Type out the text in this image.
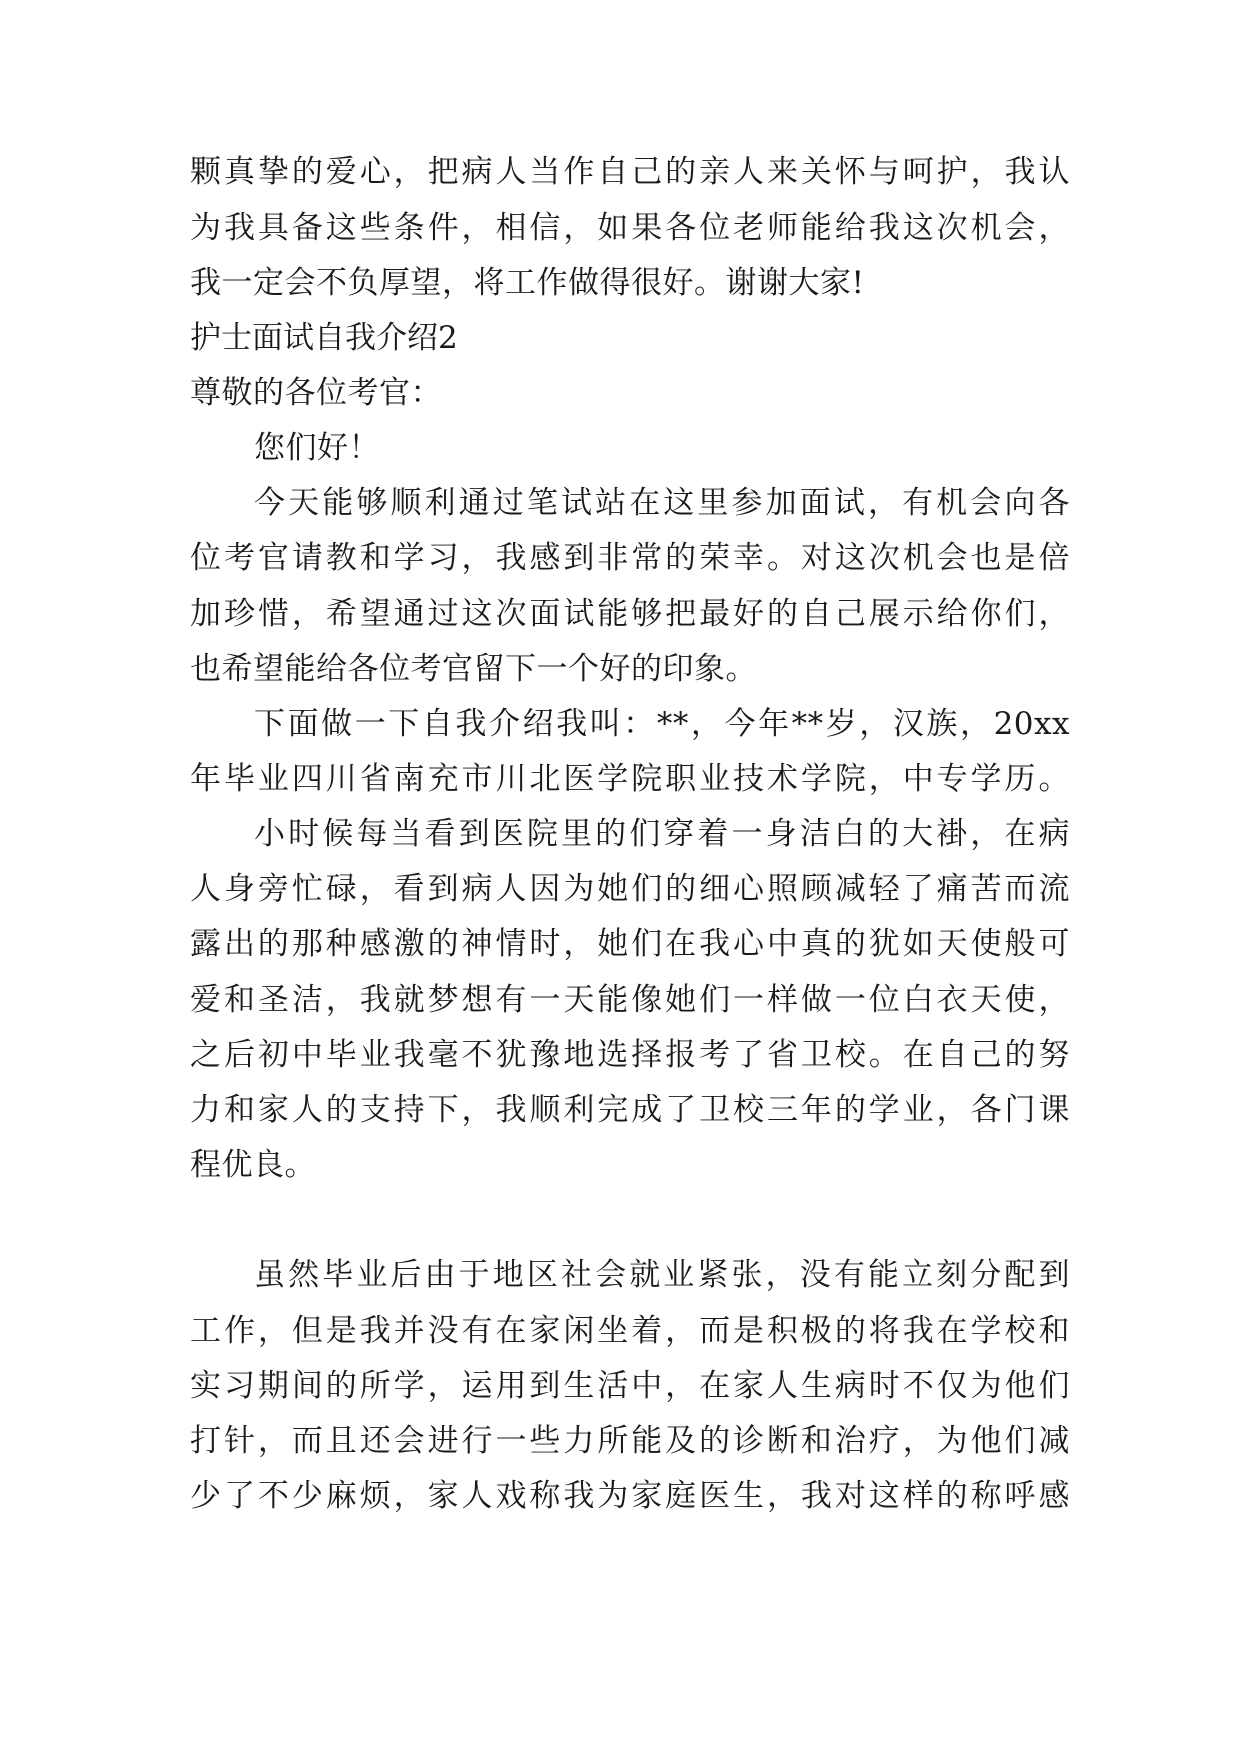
颗真挚的爱心，把病人当作自己的亲人来关怀与呵护，我认
为我具备这些条件，相信，如果各位老师能给我这次机会，
我一定会不负厚望，将工作做得很好。谢谢大家!
护士面试自我介绍2
尊敬的各位考官：
您们好！
今天能够顺利通过笔试站在这里参加面试，有机会向各
位考官请教和学习，我感到非常的荣幸。对这次机会也是倍
加珍惜，希望通过这次面试能够把最好的自己展示给你们，
也希望能给各位考官留下一个好的印象。
下面做一下自我介绍我叫：**，今年**岁，汉族，20xx
年毕业四川省南充市川北医学院职业技术学院，中专学历。
小时候每当看到医院里的们穿着一身洁白的大褂，在病
人身旁忙碌，看到病人因为她们的细心照顾减轻了痛苦而流
露出的那种感激的神情时，她们在我心中真的犹如天使般可
爱和圣洁，我就梦想有一天能像她们一样做一位白衣天使，
之后初中毕业我毫不犹豫地选择报考了省卫校。在自己的努
力和家人的支持下，我顺利完成了卫校三年的学业，各门课
程优良。
虽然毕业后由于地区社会就业紧张，没有能立刻分配到
工作，但是我并没有在家闲坐着，而是积极的将我在学校和
实习期间的所学，运用到生活中，在家人生病时不仅为他们
打针，而且还会进行一些力所能及的诊断和治疗，为他们减
少了不少麻烦，家人戏称我为家庭医生，我对这样的称呼感
